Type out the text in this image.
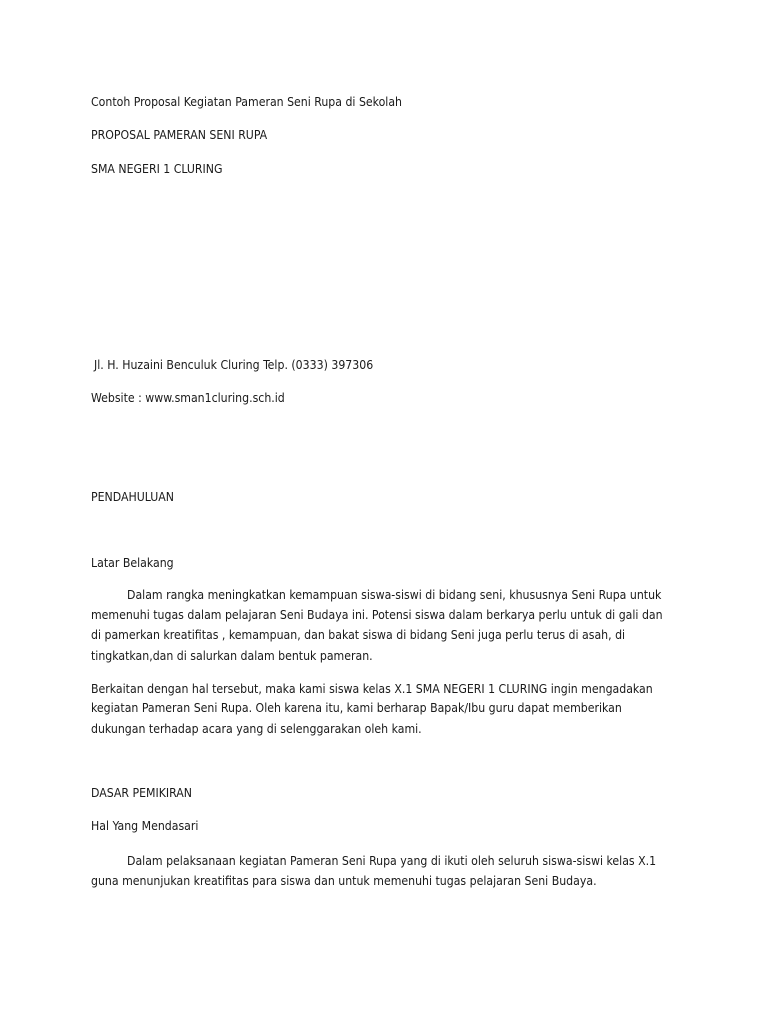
Contoh Proposal Kegiatan Pameran Seni Rupa di Sekolah
PROPOSAL PAMERAN SENI RUPA
SMA NEGERI 1 CLURING
Jl. H. Huzaini Benculuk Cluring Telp. (0333) 397306
Website : www.sman1cluring.sch.id
PENDAHULUAN
Latar Belakang
Dalam rangka meningkatkan kemampuan siswa-siswi di bidang seni, khususnya Seni Rupa untuk
memenuhi tugas dalam pelajaran Seni Budaya ini. Potensi siswa dalam berkarya perlu untuk di gali dan
di pamerkan kreatifitas , kemampuan, dan bakat siswa di bidang Seni juga perlu terus di asah, di
tingkatkan,dan di salurkan dalam bentuk pameran.
Berkaitan dengan hal tersebut, maka kami siswa kelas X.1 SMA NEGERI 1 CLURING ingin mengadakan
kegiatan Pameran Seni Rupa. Oleh karena itu, kami berharap Bapak/Ibu guru dapat memberikan
dukungan terhadap acara yang di selenggarakan oleh kami.
DASAR PEMIKIRAN
Hal Yang Mendasari
Dalam pelaksanaan kegiatan Pameran Seni Rupa yang di ikuti oleh seluruh siswa-siswi kelas X.1
guna menunjukan kreatifitas para siswa dan untuk memenuhi tugas pelajaran Seni Budaya.
